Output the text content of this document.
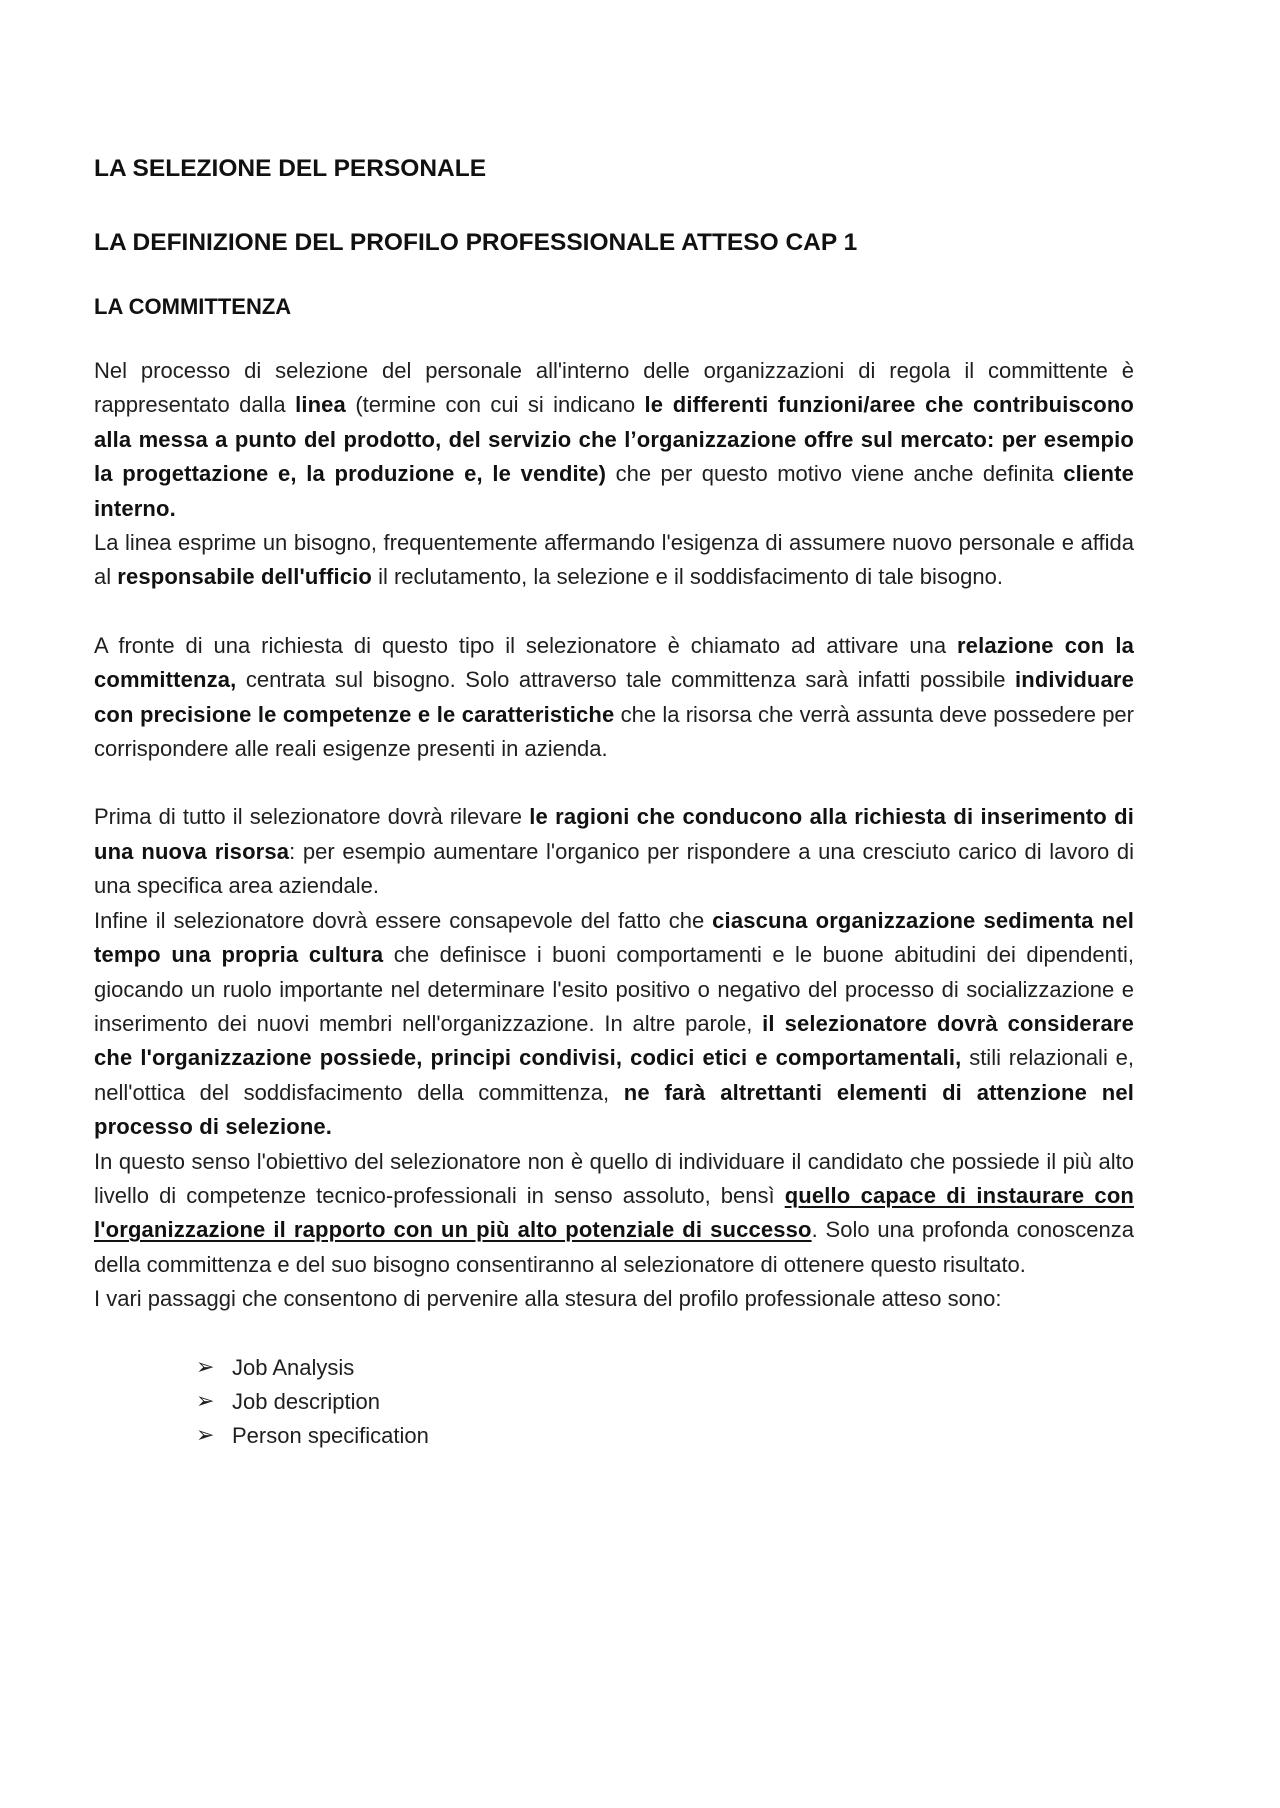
LA SELEZIONE DEL PERSONALE
LA DEFINIZIONE DEL PROFILO PROFESSIONALE ATTESO CAP 1
LA COMMITTENZA

Nel processo di selezione del personale all'interno delle organizzazioni di regola il committente è rappresentato dalla linea (termine con cui si indicano le differenti funzioni/aree che contribuiscono alla messa a punto del prodotto, del servizio che l’organizzazione offre sul mercato: per esempio la progettazione e, la produzione e, le vendite) che per questo motivo viene anche definita cliente interno.

La linea esprime un bisogno, frequentemente affermando l'esigenza di assumere nuovo personale e affida al responsabile dell'ufficio il reclutamento, la selezione e il soddisfacimento di tale bisogno.

A fronte di una richiesta di questo tipo il selezionatore è chiamato ad attivare una relazione con la committenza, centrata sul bisogno. Solo attraverso tale committenza sarà infatti possibile individuare con precisione le competenze e le caratteristiche che la risorsa che verrà assunta deve possedere per corrispondere alle reali esigenze presenti in azienda.

Prima di tutto il selezionatore dovrà rilevare le ragioni che conducono alla richiesta di inserimento di una nuova risorsa: per esempio aumentare l'organico per rispondere a una cresciuto carico di lavoro di una specifica area aziendale.

Infine il selezionatore dovrà essere consapevole del fatto che ciascuna organizzazione sedimenta nel tempo una propria cultura che definisce i buoni comportamenti e le buone abitudini dei dipendenti, giocando un ruolo importante nel determinare l'esito positivo o negativo del processo di socializzazione e inserimento dei nuovi membri nell'organizzazione. In altre parole, il selezionatore dovrà considerare che l'organizzazione possiede, principi condivisi, codici etici e comportamentali, stili relazionali e, nell'ottica del soddisfacimento della committenza, ne farà altrettanti elementi di attenzione nel processo di selezione.

In questo senso l'obiettivo del selezionatore non è quello di individuare il candidato che possiede il più alto livello di competenze tecnico-professionali in senso assoluto, bensì quello capace di instaurare con l'organizzazione il rapporto con un più alto potenziale di successo. Solo una profonda conoscenza della committenza e del suo bisogno consentiranno al selezionatore di ottenere questo risultato.

I vari passaggi che consentono di pervenire alla stesura del profilo professionale atteso sono:

➢ Job Analysis
➢ Job description
➢ Person specification
